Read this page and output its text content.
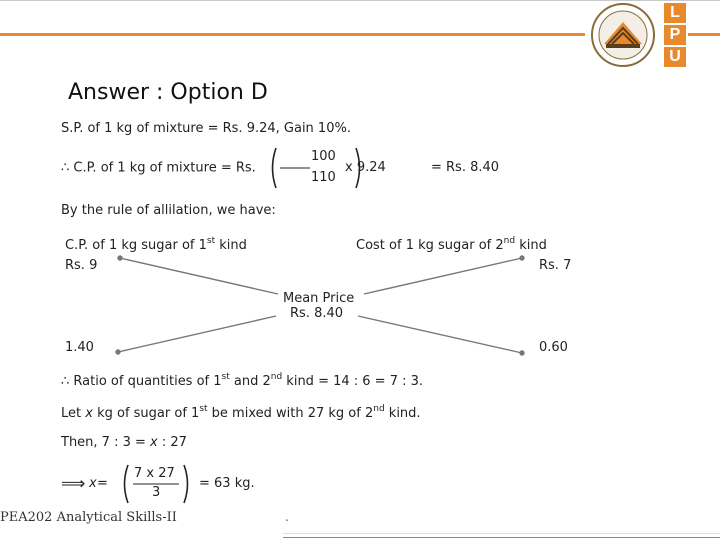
L
P
U
Answer : Option D
S.P. of 1 kg of mixture = Rs. 9.24, Gain 10%.
∴ C.P. of 1 kg of mixture = Rs.
100
110
x 9.24	= Rs. 8.40
By the rule of allilation, we have:
C.P. of 1 kg sugar of 1st kind
Rs. 9
Cost of 1 kg sugar of 2nd kind
Rs. 7
Mean Price
Rs. 8.40
1.40	0.60
∴ Ratio of quantities of 1st and 2nd kind = 14 : 6 = 7 : 3.
Let x kg of sugar of 1st be mixed with 27 kg of 2nd kind.
Then, 7 : 3 = x : 27
⟹ x =
7 x 27
3
= 63 kg.
PEA202 Analytical Skills-II	.
